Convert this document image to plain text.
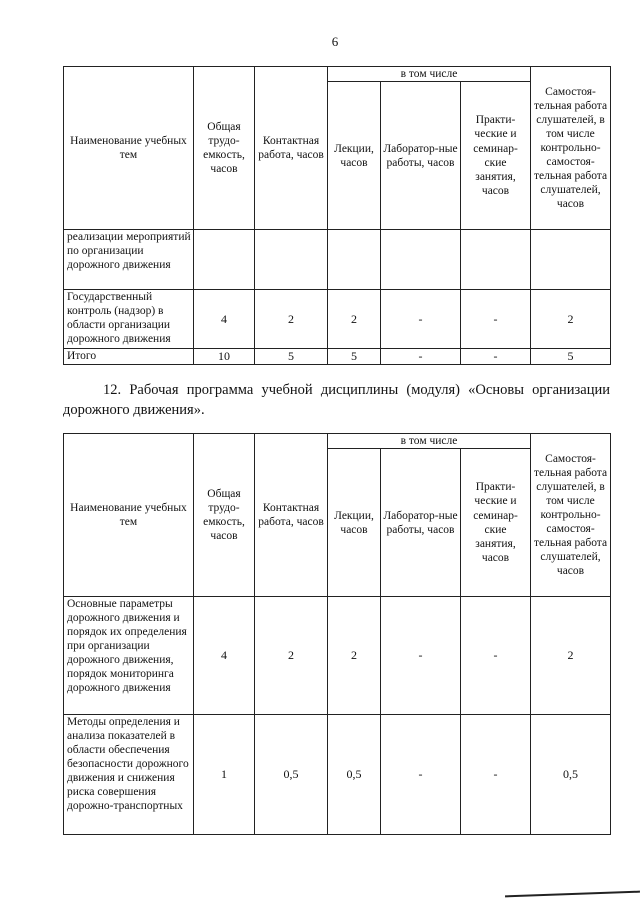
6
Наименование учебных тем	Общая трудо-емкость, часов	Контактная работа, часов	в том числе			Самостоя-тельная работа слушателей, в том числе контрольно-самостоя-тельная работа слушателей, часов
			Лекции, часов	Лаборатор-ные работы, часов	Практи-ческие и семинар-ские занятия, часов	
реализации мероприятий по организации дорожного движения						
Государственный контроль (надзор) в области организации дорожного движения	4	2	2	-	-	2
Итого	10	5	5	-	-	5
12. Рабочая программа учебной дисциплины (модуля) «Основы организации дорожного движения».
Наименование учебных тем	Общая трудо-емкость, часов	Контактная работа, часов	в том числе			Самостоя-тельная работа слушателей, в том числе контрольно-самостоя-тельная работа слушателей, часов
			Лекции, часов	Лаборатор-ные работы, часов	Практи-ческие и семинар-ские занятия, часов	
Основные параметры дорожного движения и порядок их определения при организации дорожного движения, порядок мониторинга дорожного движения	4	2	2	-	-	2
Методы определения и анализа показателей в области обеспечения безопасности дорожного движения и снижения риска совершения дорожно-транспортных	1	0,5	0,5	-	-	0,5
